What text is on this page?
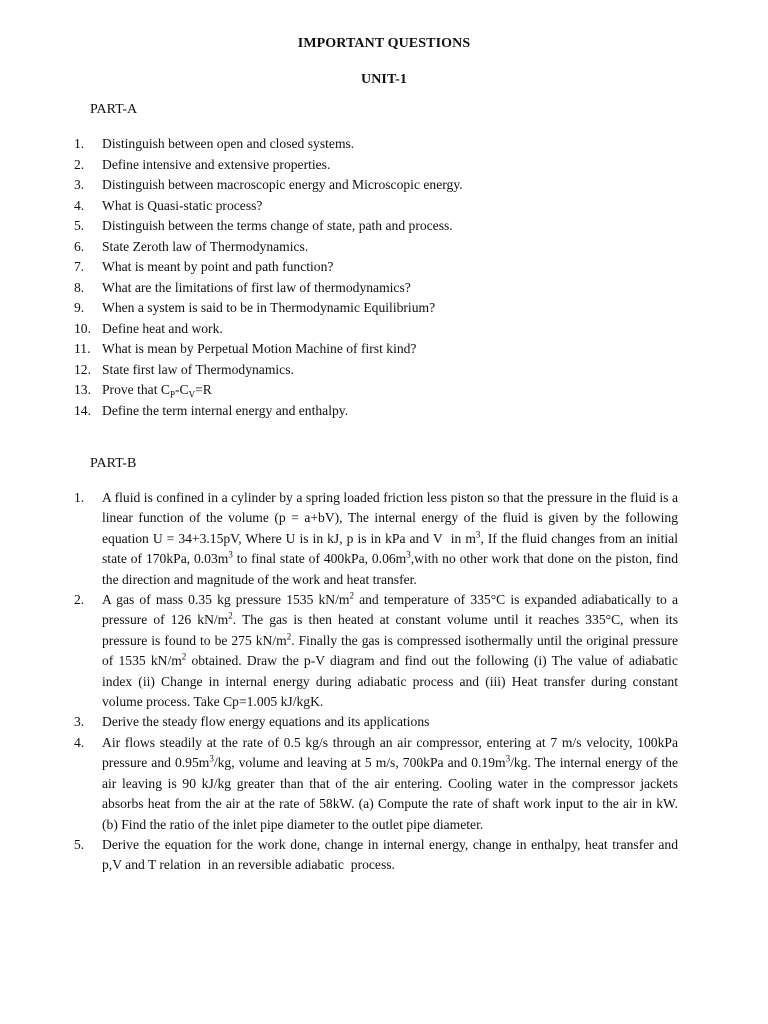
IMPORTANT QUESTIONS
UNIT-1
PART-A
1.	Distinguish between open and closed systems.
2.	Define intensive and extensive properties.
3.	Distinguish between macroscopic energy and Microscopic energy.
4.	What is Quasi-static process?
5.	Distinguish between the terms change of state, path and process.
6.	State Zeroth law of Thermodynamics.
7.	What is meant by point and path function?
8.	What are the limitations of first law of thermodynamics?
9.	When a system is said to be in Thermodynamic Equilibrium?
10. Define heat and work.
11. What is mean by Perpetual Motion Machine of first kind?
12. State first law of Thermodynamics.
13. Prove that $C_P-C_V=R$
14. Define the term internal energy and enthalpy.
PART-B
1.	A fluid is confined in a cylinder by a spring loaded friction less piston so that the pressure in the fluid is a linear function of the volume (p = a+bV), The internal energy of the fluid is given by the following equation U = 34+3.15pV, Where U is in kJ, p is in kPa and V  in $m^3$, If the fluid changes from an initial state of 170kPa, $0.03m^3$ to final state of 400kPa, $0.06m^3,with$ no other work that done on the piston, find the direction and magnitude of the work and heat transfer.
2.	A gas of mass 0.35 kg pressure 1535 $kN/m^2$ and temperature of 335°C is expanded adiabatically to a pressure of 126 $kN/m^2$. The gas is then heated at constant volume until it reaches 335°C, when its pressure is found to be 275 $kN/m^2$. Finally the gas is compressed isothermally until the original pressure of 1535 $kN/m^2$ obtained. Draw the p-V diagram and find out the following (i) The value of adiabatic index (ii) Change in internal energy during adiabatic process and (iii) Heat transfer during constant volume process. Take Cp=1.005 kJ/kgK.
3.	Derive the steady flow energy equations and its applications
4.	Air flows steadily at the rate of 0.5 kg/s through an air compressor, entering at 7 m/s velocity, 100kPa pressure and $0.95m^3/kg$, volume and leaving at 5 m/s, 700kPa and $0.19m^3/kg$. The internal energy of the air leaving is 90 kJ/kg greater than that of the air entering. Cooling water in the compressor jackets absorbs heat from the air at the rate of 58kW. (a) Compute the rate of shaft work input to the air in kW. (b) Find the ratio of the inlet pipe diameter to the outlet pipe diameter.
5.	Derive the equation for the work done, change in internal energy, change in enthalpy, heat transfer and p,V and T relation  in an reversible adiabatic  process.
